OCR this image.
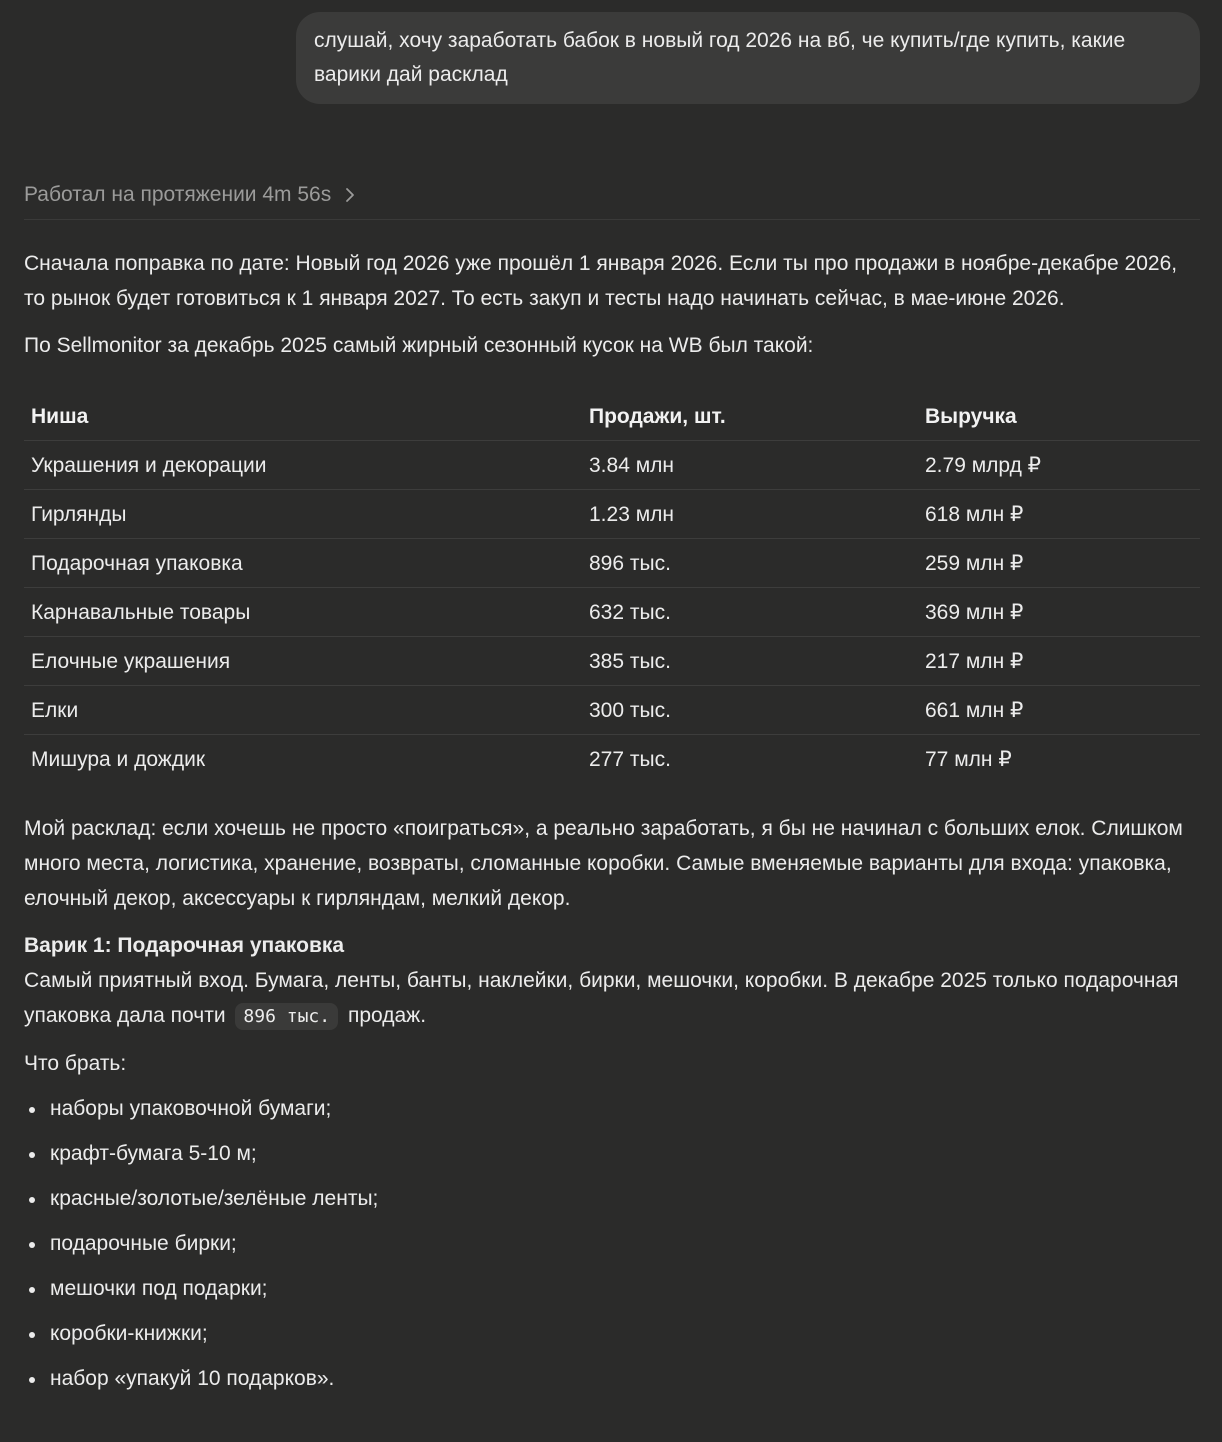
слушай, хочу заработать бабок в новый год 2026 на вб, че купить/где купить, какие варики дай расклад
Работал на протяжении 4m 56s

Сначала поправка по дате: Новый год 2026 уже прошёл 1 января 2026. Если ты про продажи в ноябре-декабре 2026, то рынок будет готовиться к 1 января 2027. То есть закуп и тесты надо начинать сейчас, в мае-июне 2026.

По Sellmonitor за декабрь 2025 самый жирный сезонный кусок на WB был такой:

Ниша	Продажи, шт.	Выручка
Украшения и декорации	3.84 млн	2.79 млрд ₽
Гирлянды	1.23 млн	618 млн ₽
Подарочная упаковка	896 тыс.	259 млн ₽
Карнавальные товары	632 тыс.	369 млн ₽
Елочные украшения	385 тыс.	217 млн ₽
Елки	300 тыс.	661 млн ₽
Мишура и дождик	277 тыс.	77 млн ₽

Мой расклад: если хочешь не просто «поиграться», а реально заработать, я бы не начинал с больших елок. Слишком много места, логистика, хранение, возвраты, сломанные коробки. Самые вменяемые варианты для входа: упаковка, елочный декор, аксессуары к гирляндам, мелкий декор.

Варик 1: Подарочная упаковка

Самый приятный вход. Бумага, ленты, банты, наклейки, бирки, мешочки, коробки. В декабре 2025 только подарочная упаковка дала почти 896 тыс. продаж.

Что брать:

наборы упаковочной бумаги;
крафт-бумага 5-10 м;
красные/золотые/зелёные ленты;
подарочные бирки;
мешочки под подарки;
коробки-книжки;
набор «упакуй 10 подарков».
